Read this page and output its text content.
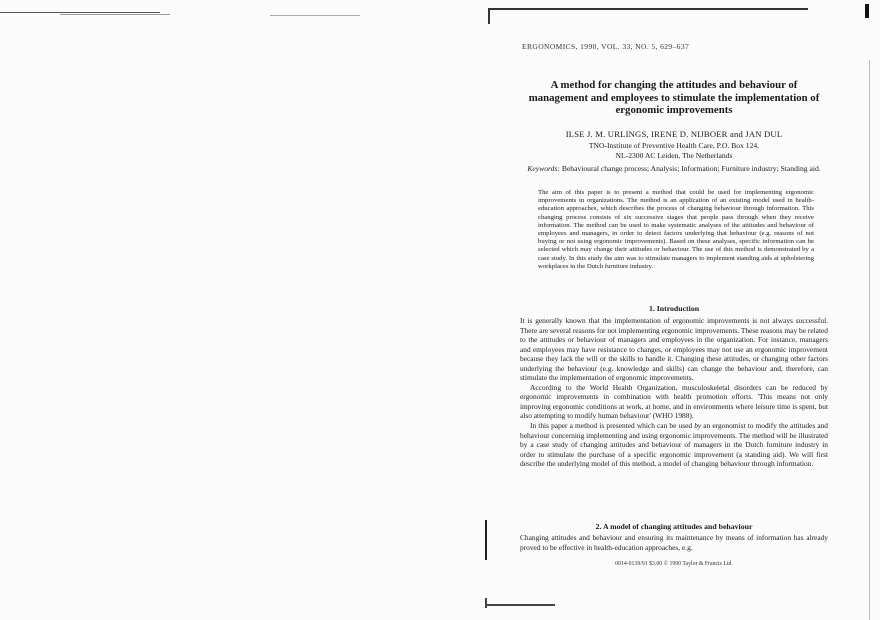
ERGONOMICS, 1990, VOL. 33, NO. 5, 629–637
A method for changing the attitudes and behaviour of management and employees to stimulate the implementation of ergonomic improvements
ILSE J. M. URLINGS, IRENE D. NIJBOER and JAN DUL
TNO-Institute of Preventive Health Care, P.O. Box 124,
NL-2300 AC Leiden, The Netherlands
Keywords: Behavioural change process; Analysis; Information; Furniture industry; Standing aid.
The aim of this paper is to present a method that could be used for implementing ergonomic improvements in organizations. The method is an application of an existing model used in health-education approaches, which describes the process of changing behaviour through information. This changing process consists of six successive stages that people pass through when they receive information. The method can be used to make systematic analyses of the attitudes and behaviour of employees and managers, in order to detect factors underlying that behaviour (e.g. reasons of not buying or not using ergonomic improvements). Based on these analyses, specific information can be selected which may change their attitudes or behaviour. The use of this method is demonstrated by a case study. In this study the aim was to stimulate managers to implement standing aids at upholstering workplaces in the Dutch furniture industry.
1. Introduction

It is generally known that the implementation of ergonomic improvements is not always successful. There are several reasons for not implementing ergonomic improvements. These reasons may be related to the attitudes or behaviour of managers and employees in the organization. For instance, managers and employees may have resistance to changes, or employees may not use an ergonomic improvement because they lack the will or the skills to handle it. Changing these attitudes, or changing other factors underlying the behaviour (e.g. knowledge and skills) can change the behaviour and, therefore, can stimulate the implementation of ergonomic improvements.

According to the World Health Organization, musculoskeletal disorders can be reduced by ergonomic improvements in combination with health promotion efforts. 'This means not only improving ergonomic conditions at work, at home, and in environments where leisure time is spent, but also attempting to modify human behaviour' (WHO 1988).

In this paper a method is presented which can be used by an ergonomist to modify the attitudes and behaviour concerning implementing and using ergonomic improvements. The method will be illustrated by a case study of changing attitudes and behaviour of managers in the Dutch furniture industry in order to stimulate the purchase of a specific ergonomic improvement (a standing aid). We will first describe the underlying model of this method, a model of changing behaviour through information.

2. A model of changing attitudes and behaviour

Changing attitudes and behaviour and ensuring its maintenance by means of information has already proved to be effective in health-education approaches, e.g.

0014-0139/91 $3.00 © 1990 Taylor & Francis Ltd.
